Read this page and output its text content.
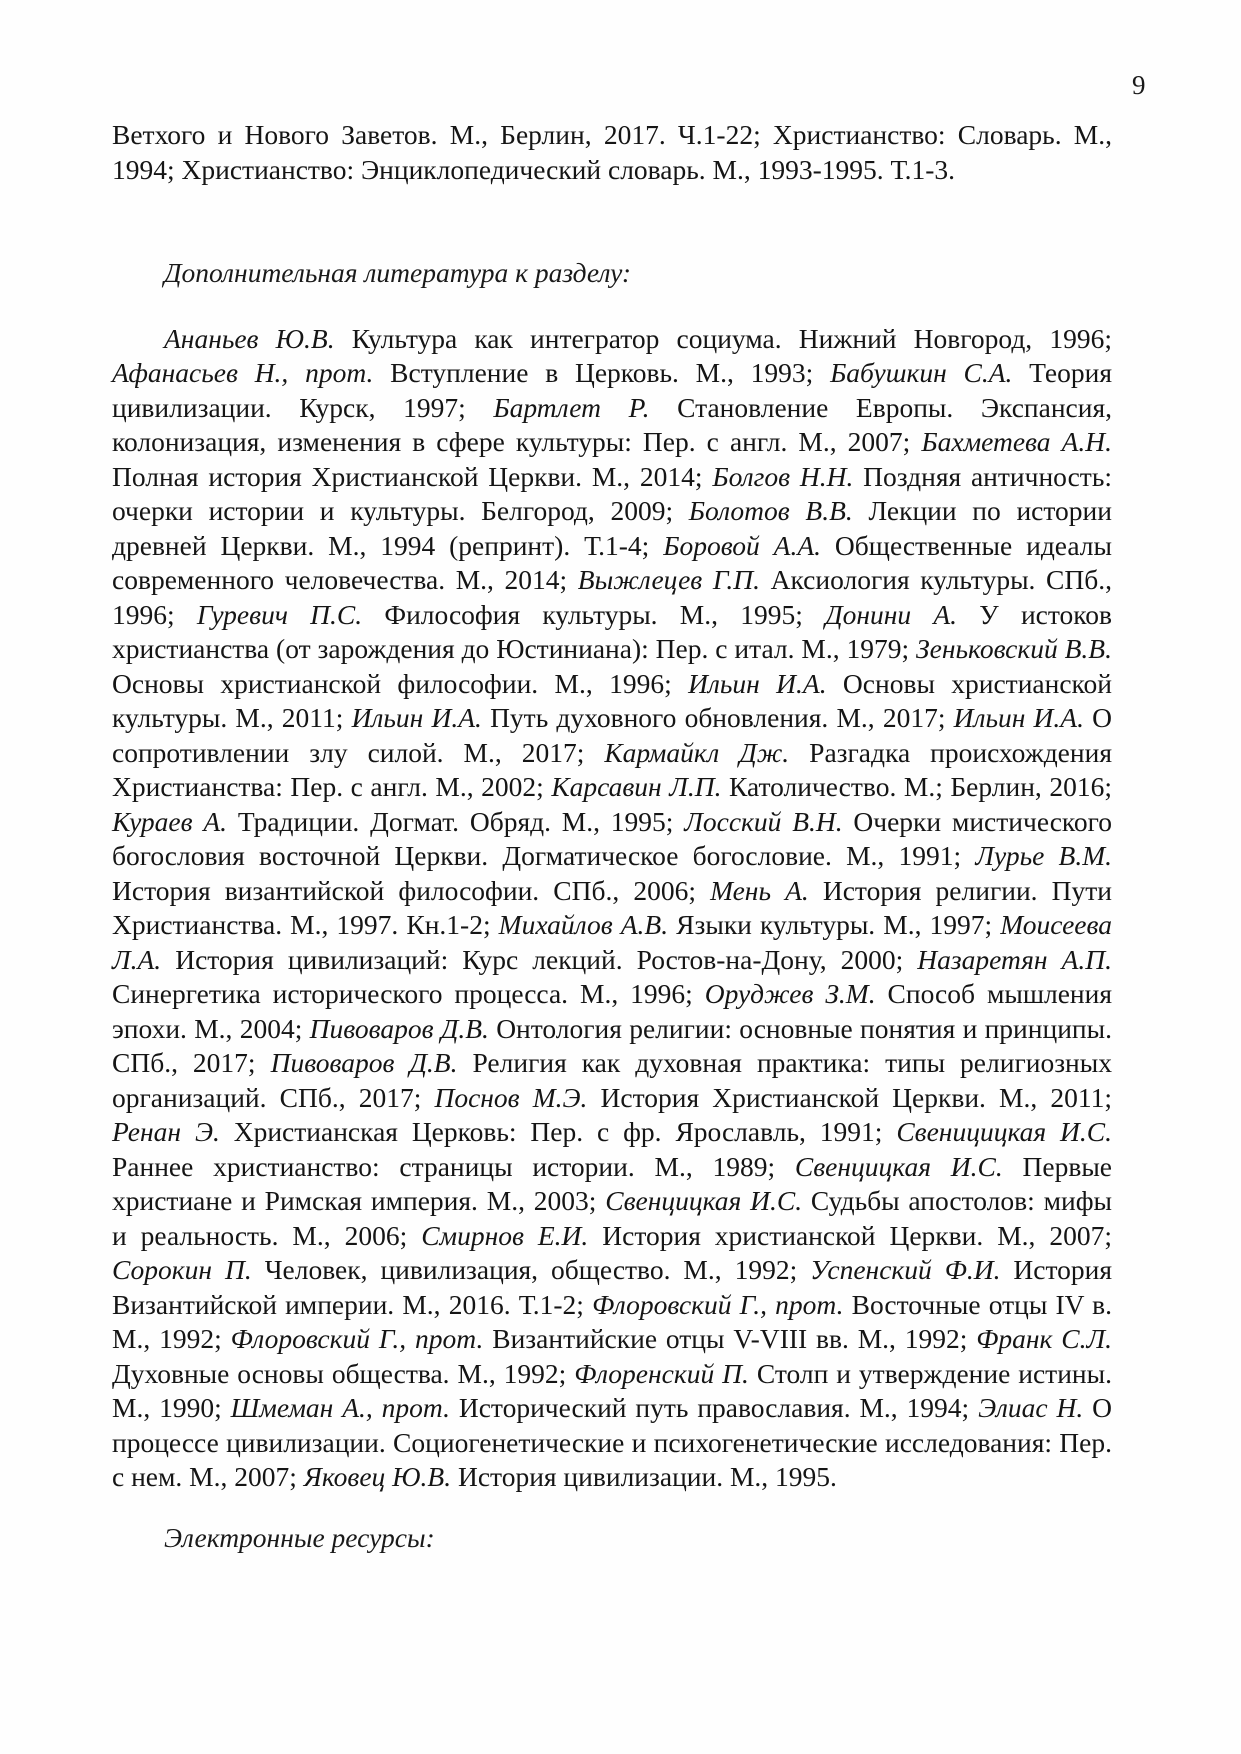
9

Ветхого и Нового Заветов. М., Берлин, 2017. Ч.1-22; Христианство: Словарь. М., 1994; Христианство: Энциклопедический словарь. М., 1993-1995. Т.1-3.

Дополнительная литература к разделу:

Ананьев Ю.В. Культура как интегратор социума. Нижний Новгород, 1996; Афанасьев Н., прот. Вступление в Церковь. М., 1993; Бабушкин С.А. Теория цивилизации. Курск, 1997; Бартлет Р. Становление Европы. Экспансия, колонизация, изменения в сфере культуры: Пер. с англ. М., 2007; Бахметева А.Н. Полная история Христианской Церкви. М., 2014; Болгов Н.Н. Поздняя античность: очерки истории и культуры. Белгород, 2009; Болотов В.В. Лекции по истории древней Церкви. М., 1994 (репринт). Т.1-4; Боровой А.А. Общественные идеалы современного человечества. М., 2014; Выжлецев Г.П. Аксиология культуры. СПб., 1996; Гуревич П.С. Философия культуры. М., 1995; Донини А. У истоков христианства (от зарождения до Юстиниана): Пер. с итал. М., 1979; Зеньковский В.В. Основы христианской философии. М., 1996; Ильин И.А. Основы христианской культуры. М., 2011; Ильин И.А. Путь духовного обновления. М., 2017; Ильин И.А. О сопротивлении злу силой. М., 2017; Кармайкл Дж. Разгадка происхождения Христианства: Пер. с англ. М., 2002; Карсавин Л.П. Католичество. М.; Берлин, 2016; Кураев А. Традиции. Догмат. Обряд. М., 1995; Лосский В.Н. Очерки мистического богословия восточной Церкви. Догматическое богословие. М., 1991; Лурье В.М. История византийской философии. СПб., 2006; Мень А. История религии. Пути Христианства. М., 1997. Кн.1-2; Михайлов А.В. Языки культуры. М., 1997; Моисеева Л.А. История цивилизаций: Курс лекций. Ростов-на-Дону, 2000; Назаретян А.П. Синергетика исторического процесса. М., 1996; Оруджев З.М. Способ мышления эпохи. М., 2004; Пивоваров Д.В. Онтология религии: основные понятия и принципы. СПб., 2017; Пивоваров Д.В. Религия как духовная практика: типы религиозных организаций. СПб., 2017; Поснов М.Э. История Христианской Церкви. М., 2011; Ренан Э. Христианская Церковь: Пер. с фр. Ярославль, 1991; Свеницицкая И.С. Раннее христианство: страницы истории. М., 1989; Свенцицкая И.С. Первые христиане и Римская империя. М., 2003; Свенцицкая И.С. Судьбы апостолов: мифы и реальность. М., 2006; Смирнов Е.И. История христианской Церкви. М., 2007; Сорокин П. Человек, цивилизация, общество. М., 1992; Успенский Ф.И. История Византийской империи. М., 2016. Т.1-2; Флоровский Г., прот. Восточные отцы IV в. М., 1992; Флоровский Г., прот. Византийские отцы V-VIII вв. М., 1992; Франк С.Л. Духовные основы общества. М., 1992; Флоренский П. Столп и утверждение истины. М., 1990; Шмеман А., прот. Исторический путь православия. М., 1994; Элиас Н. О процессе цивилизации. Социогенетические и психогенетические исследования: Пер. с нем. М., 2007; Яковец Ю.В. История цивилизации. М., 1995.

Электронные ресурсы:
